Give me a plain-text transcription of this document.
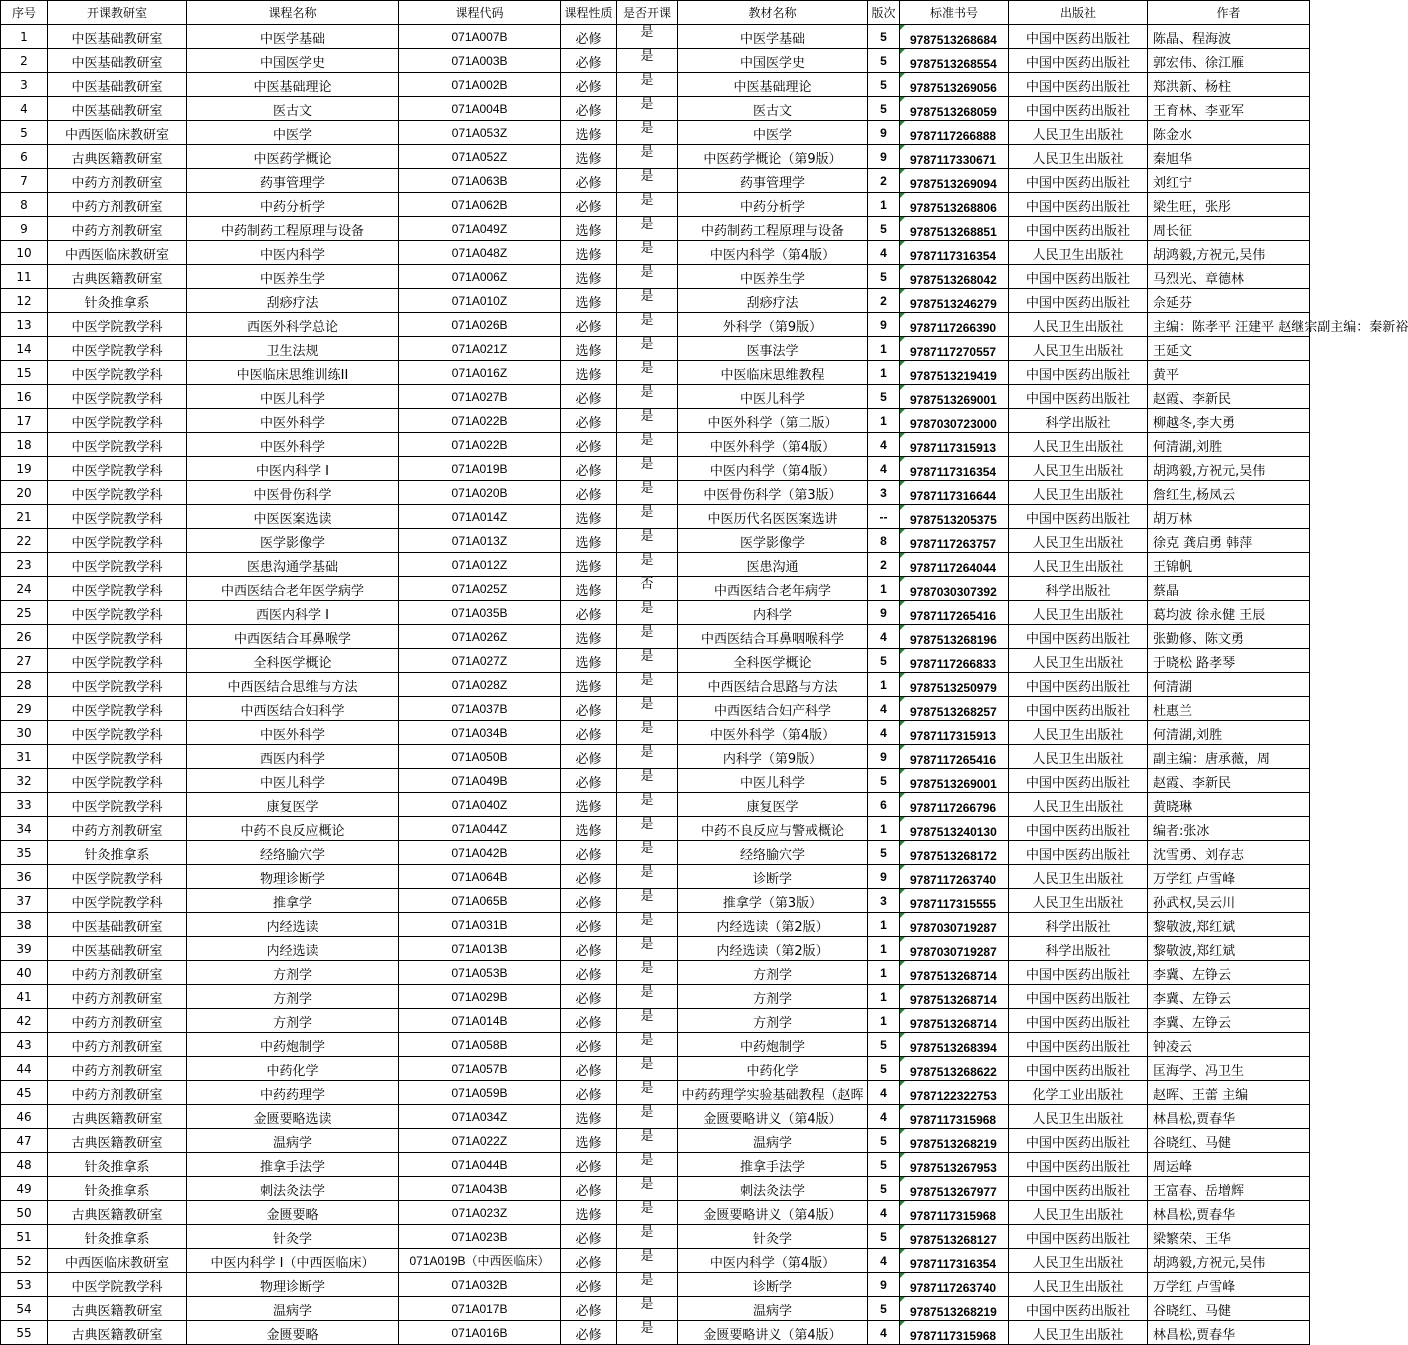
序号	开课教研室	课程名称	课程代码	课程性质	是否开课	教材名称	版次	标准书号	出版社	作者
1	中医基础教研室	中医学基础	071A007B	必修	是	中医学基础	5	9787513268684	中国中医药出版社	陈晶、程海波
2	中医基础教研室	中国医学史	071A003B	必修	是	中国医学史	5	9787513268554	中国中医药出版社	郭宏伟、徐江雁
3	中医基础教研室	中医基础理论	071A002B	必修	是	中医基础理论	5	9787513269056	中国中医药出版社	郑洪新、杨柱
4	中医基础教研室	医古文	071A004B	必修	是	医古文	5	9787513268059	中国中医药出版社	王育林、李亚军
5	中西医临床教研室	中医学	071A053Z	选修	是	中医学	9	9787117266888	人民卫生出版社	陈金水
6	古典医籍教研室	中医药学概论	071A052Z	选修	是	中医药学概论（第9版）	9	9787117330671	人民卫生出版社	秦旭华
7	中药方剂教研室	药事管理学	071A063B	必修	是	药事管理学	2	9787513269094	中国中医药出版社	刘红宁
8	中药方剂教研室	中药分析学	071A062B	必修	是	中药分析学	1	9787513268806	中国中医药出版社	梁生旺，张彤
9	中药方剂教研室	中药制药工程原理与设备	071A049Z	选修	是	中药制药工程原理与设备	5	9787513268851	中国中医药出版社	周长征
10	中西医临床教研室	中医内科学	071A048Z	选修	是	中医内科学（第4版）	4	9787117316354	人民卫生出版社	胡鸿毅,方祝元,吴伟
11	古典医籍教研室	中医养生学	071A006Z	选修	是	中医养生学	5	9787513268042	中国中医药出版社	马烈光、章德林
12	针灸推拿系	刮痧疗法	071A010Z	选修	是	刮痧疗法	2	9787513246279	中国中医药出版社	佘延芬
13	中医学院教学科	西医外科学总论	071A026B	必修	是	外科学（第9版）	9	9787117266390	人民卫生出版社	主编：陈孝平 汪建平 赵继宗副主编：秦新裕
14	中医学院教学科	卫生法规	071A021Z	选修	是	医事法学	1	9787117270557	人民卫生出版社	王延文
15	中医学院教学科	中医临床思维训练II	071A016Z	选修	是	中医临床思维教程	1	9787513219419	中国中医药出版社	黄平
16	中医学院教学科	中医儿科学	071A027B	必修	是	中医儿科学	5	9787513269001	中国中医药出版社	赵霞、李新民
17	中医学院教学科	中医外科学	071A022B	必修	是	中医外科学（第二版）	1	9787030723000	科学出版社	柳越冬,李大勇
18	中医学院教学科	中医外科学	071A022B	必修	是	中医外科学（第4版）	4	9787117315913	人民卫生出版社	何清湖,刘胜
19	中医学院教学科	中医内科学 I	071A019B	必修	是	中医内科学（第4版）	4	9787117316354	人民卫生出版社	胡鸿毅,方祝元,吴伟
20	中医学院教学科	中医骨伤科学	071A020B	必修	是	中医骨伤科学（第3版）	3	9787117316644	人民卫生出版社	詹红生,杨凤云
21	中医学院教学科	中医医案选读	071A014Z	选修	是	中医历代名医医案选讲	--	9787513205375	中国中医药出版社	胡万林
22	中医学院教学科	医学影像学	071A013Z	选修	是	医学影像学	8	9787117263757	人民卫生出版社	徐克 龚启勇 韩萍
23	中医学院教学科	医患沟通学基础	071A012Z	选修	是	医患沟通	2	9787117264044	人民卫生出版社	王锦帆
24	中医学院教学科	中西医结合老年医学病学	071A025Z	选修	否	中西医结合老年病学	1	9787030307392	科学出版社	蔡晶
25	中医学院教学科	西医内科学 I	071A035B	必修	是	内科学	9	9787117265416	人民卫生出版社	葛均波 徐永健 王辰
26	中医学院教学科	中西医结合耳鼻喉学	071A026Z	选修	是	中西医结合耳鼻咽喉科学	4	9787513268196	中国中医药出版社	张勤修、陈文勇
27	中医学院教学科	全科医学概论	071A027Z	选修	是	全科医学概论	5	9787117266833	人民卫生出版社	于晓松 路孝琴
28	中医学院教学科	中西医结合思维与方法	071A028Z	选修	是	中西医结合思路与方法	1	9787513250979	中国中医药出版社	何清湖
29	中医学院教学科	中西医结合妇科学	071A037B	必修	是	中西医结合妇产科学	4	9787513268257	中国中医药出版社	杜惠兰
30	中医学院教学科	中医外科学	071A034B	必修	是	中医外科学（第4版）	4	9787117315913	人民卫生出版社	何清湖,刘胜
31	中医学院教学科	西医内科学	071A050B	必修	是	内科学（第9版）	9	9787117265416	人民卫生出版社	副主编：唐承薇，周
32	中医学院教学科	中医儿科学	071A049B	必修	是	中医儿科学	5	9787513269001	中国中医药出版社	赵霞、李新民
33	中医学院教学科	康复医学	071A040Z	选修	是	康复医学	6	9787117266796	人民卫生出版社	黄晓琳
34	中药方剂教研室	中药不良反应概论	071A044Z	选修	是	中药不良反应与警戒概论	1	9787513240130	中国中医药出版社	编者:张冰
35	针灸推拿系	经络腧穴学	071A042B	必修	是	经络腧穴学	5	9787513268172	中国中医药出版社	沈雪勇、刘存志
36	中医学院教学科	物理诊断学	071A064B	必修	是	诊断学	9	9787117263740	人民卫生出版社	万学红 卢雪峰
37	中医学院教学科	推拿学	071A065B	必修	是	推拿学（第3版）	3	9787117315555	人民卫生出版社	孙武权,吴云川
38	中医基础教研室	内经选读	071A031B	必修	是	内经选读（第2版）	1	9787030719287	科学出版社	黎敬波,郑红斌
39	中医基础教研室	内经选读	071A013B	必修	是	内经选读（第2版）	1	9787030719287	科学出版社	黎敬波,郑红斌
40	中药方剂教研室	方剂学	071A053B	必修	是	方剂学	1	9787513268714	中国中医药出版社	李冀、左铮云
41	中药方剂教研室	方剂学	071A029B	必修	是	方剂学	1	9787513268714	中国中医药出版社	李冀、左铮云
42	中药方剂教研室	方剂学	071A014B	必修	是	方剂学	1	9787513268714	中国中医药出版社	李冀、左铮云
43	中药方剂教研室	中药炮制学	071A058B	必修	是	中药炮制学	5	9787513268394	中国中医药出版社	钟凌云
44	中药方剂教研室	中药化学	071A057B	必修	是	中药化学	5	9787513268622	中国中医药出版社	匡海学、冯卫生
45	中药方剂教研室	中药药理学	071A059B	必修	是	中药药理学实验基础教程（赵晖	4	9787122322753	化学工业出版社	赵晖、王蕾 主编
46	古典医籍教研室	金匮要略选读	071A034Z	选修	是	金匮要略讲义（第4版）	4	9787117315968	人民卫生出版社	林昌松,贾春华
47	古典医籍教研室	温病学	071A022Z	选修	是	温病学	5	9787513268219	中国中医药出版社	谷晓红、马健
48	针灸推拿系	推拿手法学	071A044B	必修	是	推拿手法学	5	9787513267953	中国中医药出版社	周运峰
49	针灸推拿系	刺法灸法学	071A043B	必修	是	刺法灸法学	5	9787513267977	中国中医药出版社	王富春、岳增辉
50	古典医籍教研室	金匮要略	071A023Z	选修	是	金匮要略讲义（第4版）	4	9787117315968	人民卫生出版社	林昌松,贾春华
51	针灸推拿系	针灸学	071A023B	必修	是	针灸学	5	9787513268127	中国中医药出版社	梁繁荣、王华
52	中西医临床教研室	中医内科学 I（中西医临床）	071A019B（中西医临床）	必修	是	中医内科学（第4版）	4	9787117316354	人民卫生出版社	胡鸿毅,方祝元,吴伟
53	中医学院教学科	物理诊断学	071A032B	必修	是	诊断学	9	9787117263740	人民卫生出版社	万学红 卢雪峰
54	古典医籍教研室	温病学	071A017B	必修	是	温病学	5	9787513268219	中国中医药出版社	谷晓红、马健
55	古典医籍教研室	金匮要略	071A016B	必修	是	金匮要略讲义（第4版）	4	9787117315968	人民卫生出版社	林昌松,贾春华
